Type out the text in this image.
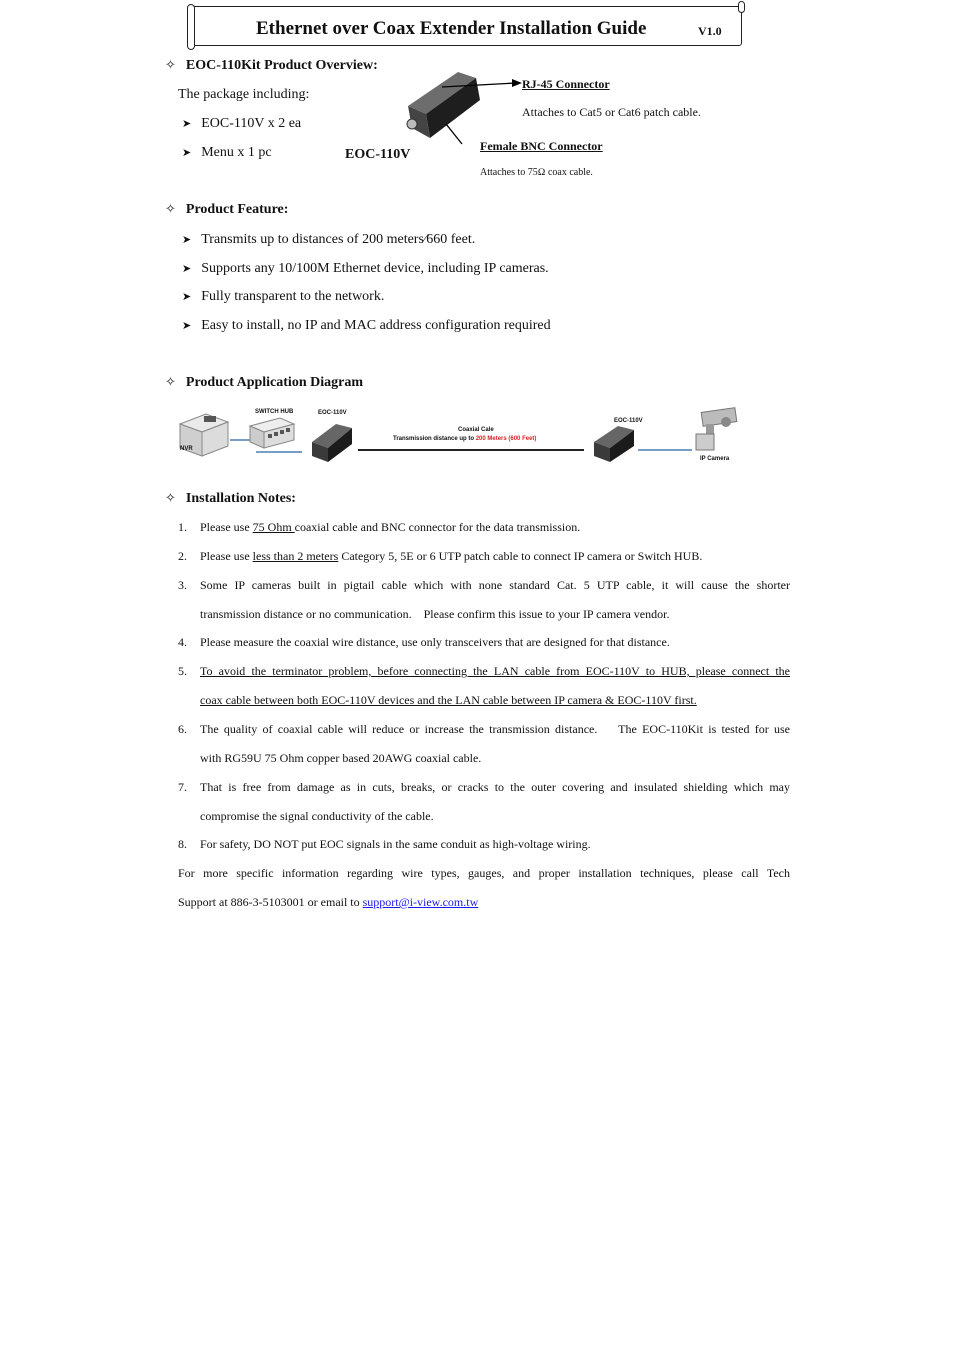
Ethernet over Coax Extender Installation Guide	V1.0
✧ EOC-110Kit Product Overview:
The package including:
➤ EOC-110V x 2 ea
➤ Menu x 1 pc	EOC-110V
RJ-45 Connector
Attaches to Cat5 or Cat6 patch cable.
Female BNC Connector
Attaches to 75Ω coax cable.
✧ Product Feature:
➤ Transmits up to distances of 200 meters⁄660 feet.
➤ Supports any 10/100M Ethernet device, including IP cameras.
➤ Fully transparent to the network.
➤ Easy to install, no IP and MAC address configuration required
✧ Product Application Diagram
NVR
SWITCH HUB	EOC-110V
EOC-110V
Coaxial Cale
Transmission distance up to 200 Meters (600 Feet)
IP Camera
✧ Installation Notes:
1. Please use 75 Ohm coaxial cable and BNC connector for the data transmission.
2. Please use less than 2 meters Category 5, 5E or 6 UTP patch cable to connect IP camera or Switch HUB.
3.	Some IP cameras built in pigtail cable which with none standard Cat. 5 UTP cable, it will cause the shorter
transmission distance or no communication.    Please confirm this issue to your IP camera vendor.
4. Please measure the coaxial wire distance, use only transceivers that are designed for that distance.
5.	To avoid the terminator problem, before connecting the LAN cable from EOC-110V to HUB, please connect the
coax cable between both EOC-110V devices and the LAN cable between IP camera & EOC-110V first.
6.	The quality of coaxial cable will reduce or increase the transmission distance.    The EOC-110Kit is tested for use
with RG59U 75 Ohm copper based 20AWG coaxial cable.
7.	That is free from damage as in cuts, breaks, or cracks to the outer covering and insulated shielding which may
compromise the signal conductivity of the cable.
8. For safety, DO NOT put EOC signals in the same conduit as high-voltage wiring.
For more specific information regarding wire types, gauges, and proper installation techniques, please call Tech
Support at 886-3-5103001 or email to support@i-view.com.tw
